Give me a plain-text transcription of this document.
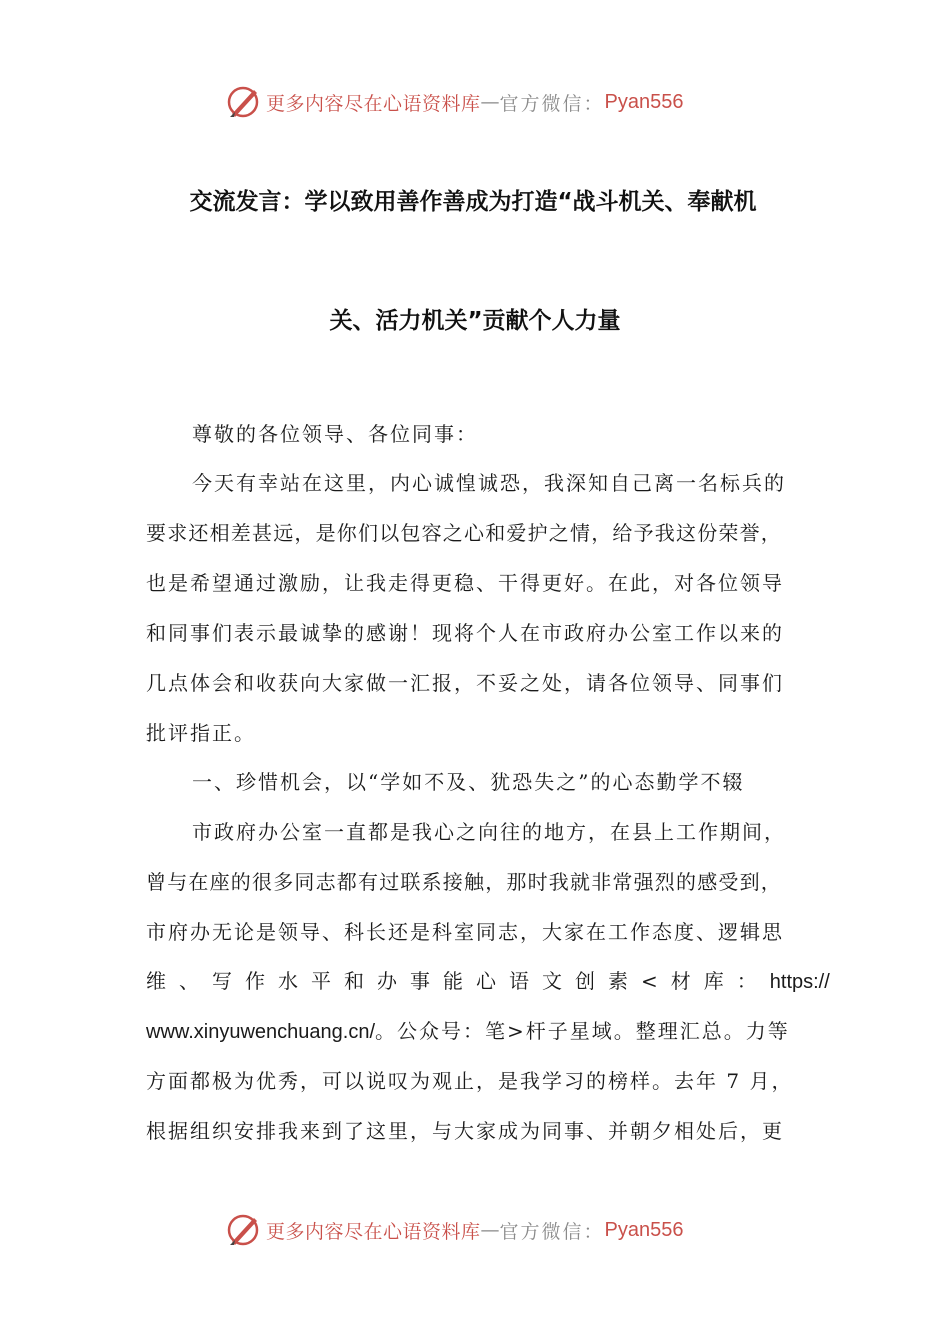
更多内容尽在心语资料库 — 官方微信： Pyan556
交流发言：学以致用善作善成为打造“战斗机关、奉献机
关、活力机关”贡献个人力量
尊敬的各位领导、各位同事：
今天有幸站在这里，内心诚惶诚恐，我深知自己离一名标兵的
要求还相差甚远，是你们以包容之心和爱护之情，给予我这份荣誉，
也是希望通过激励，让我走得更稳、干得更好。在此，对各位领导
和同事们表示最诚挚的感谢！现将个人在市政府办公室工作以来的
几点体会和收获向大家做一汇报，不妥之处，请各位领导、同事们
批评指正。
一、珍惜机会，以“学如不及、犹恐失之”的心态勤学不辍
市政府办公室一直都是我心之向往的地方，在县上工作期间，
曾与在座的很多同志都有过联系接触，那时我就非常强烈的感受到，
市府办无论是领导、科长还是科室同志，大家在工作态度、逻辑思
维、写作水平和办事能心语文创素<材库：https://
www.xinyuwenchuang.cn/。公众号：笔>杆子星域。整理汇总。力等
方面都极为优秀，可以说叹为观止，是我学习的榜样。去年 7 月，
根据组织安排我来到了这里，与大家成为同事、并朝夕相处后，更
更多内容尽在心语资料库 — 官方微信： Pyan556
